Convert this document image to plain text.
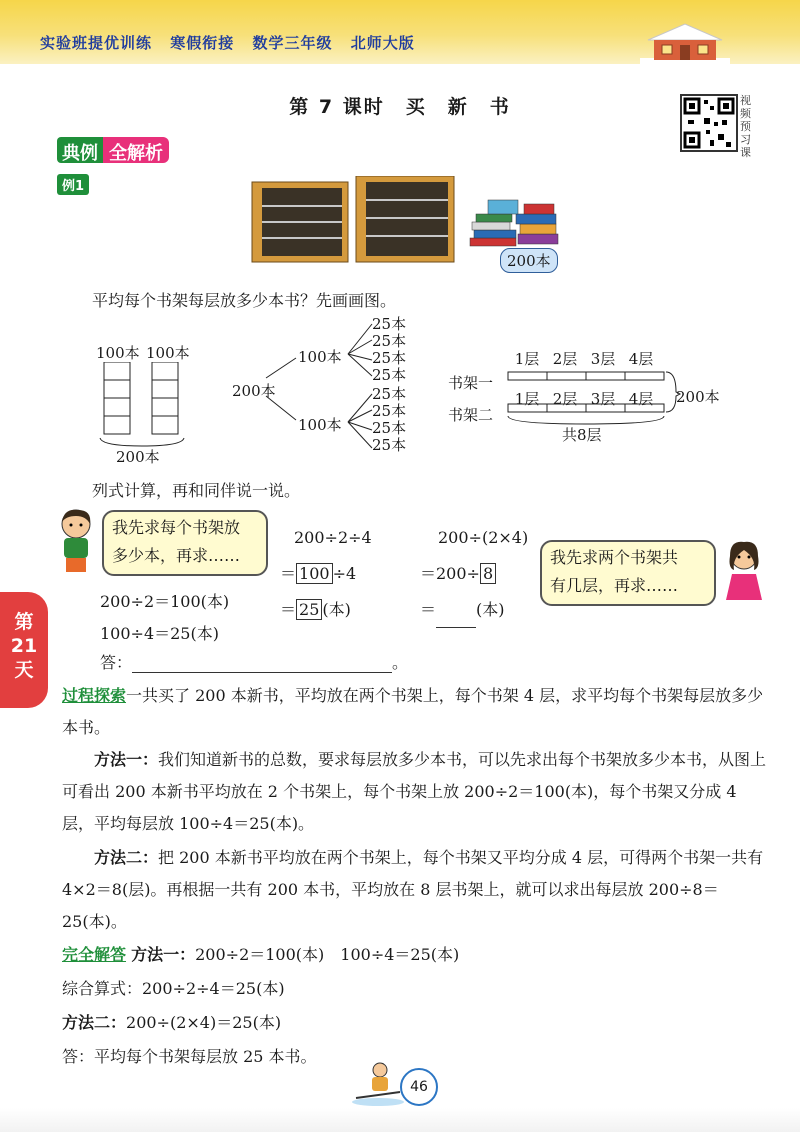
实验班提优训练 寒假衔接 数学三年级 北师大版
第 7 课时　买　新　书	视频预习课
典例 全解析
例1
200本
平均每个书架每层放多少本书？先画画图。
100本 100本
200本
200本
100本
100本
25本
25本
25本
25本
25本
25本
25本
25本
书架一
书架二
1层 2层 3层 4层
1层 2层 3层 4层	200本
共8层
列式计算，再和同伴说一说。
我先求每个书架放
多少本，再求……
200÷2＝100(本)
100÷4＝25(本)
200÷2÷4
＝ 100 ÷4
＝ 25 (本)
200÷(2×4)
＝200÷ 8
＝	(本)
我先求两个书架共
有几层，再求……
答：	。
第
21
天
过程探索一共买了 200 本新书，平均放在两个书架上，每个书架 4 层，求平均每个书架每层放多少本书。
方法一：我们知道新书的总数，要求每层放多少本书，可以先求出每个书架放多少本书，从图上可看出 200 本新书平均放在 2 个书架上，每个书架上放 200÷2＝100(本)，每个书架又分成 4 层，平均每层放 100÷4＝25(本)。
方法二：把 200 本新书平均放在两个书架上，每个书架又平均分成 4 层，可得两个书架一共有 4×2＝8(层)。再根据一共有 200 本书，平均放在 8 层书架上，就可以求出每层放 200÷8＝25(本)。
完全解答 方法一：200÷2＝100(本)　100÷4＝25(本)
综合算式：200÷2÷4＝25(本)
方法二：200÷(2×4)＝25(本)
答：平均每个书架每层放 25 本书。
46
